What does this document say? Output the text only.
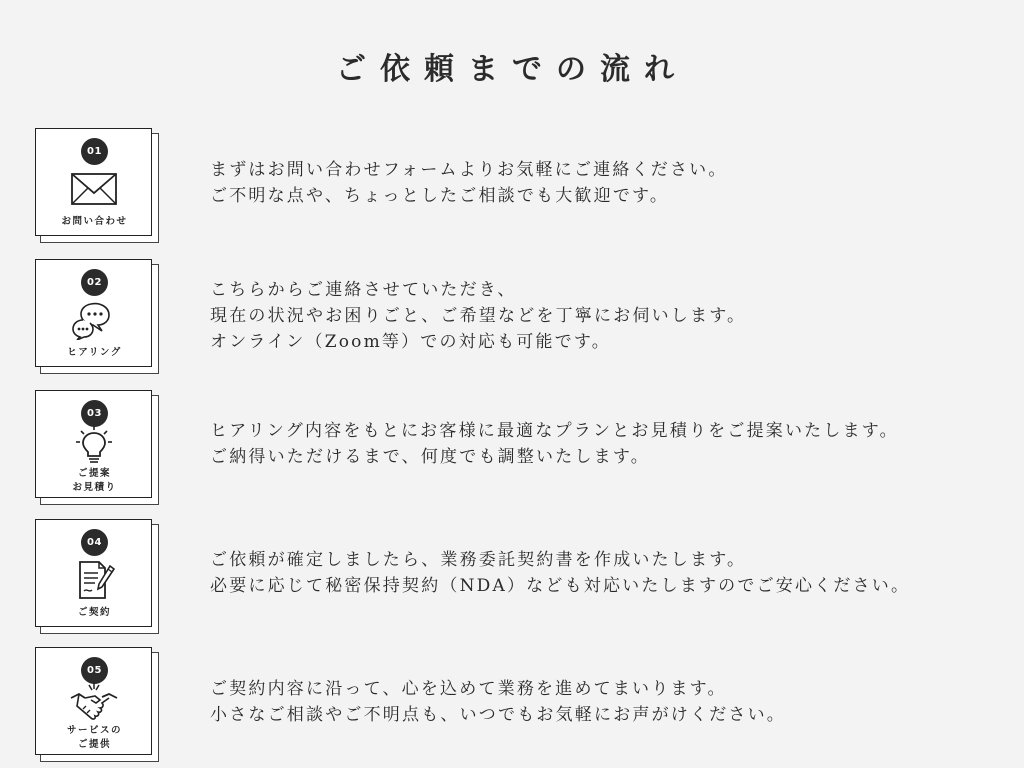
ご依頼までの流れ
01
お問い合わせ
まずはお問い合わせフォームよりお気軽にご連絡ください。
ご不明な点や、ちょっとしたご相談でも大歓迎です。
02
ヒアリング
こちらからご連絡させていただき、
現在の状況やお困りごと、ご希望などを丁寧にお伺いします。
オンライン（Zoom等）での対応も可能です。
03
ご提案
お見積り
ヒアリング内容をもとにお客様に最適なプランとお見積りをご提案いたします。
ご納得いただけるまで、何度でも調整いたします。
04
ご契約
ご依頼が確定しましたら、業務委託契約書を作成いたします。
必要に応じて秘密保持契約（NDA）なども対応いたしますのでご安心ください。
05
サービスの
ご提供
ご契約内容に沿って、心を込めて業務を進めてまいります。
小さなご相談やご不明点も、いつでもお気軽にお声がけください。
